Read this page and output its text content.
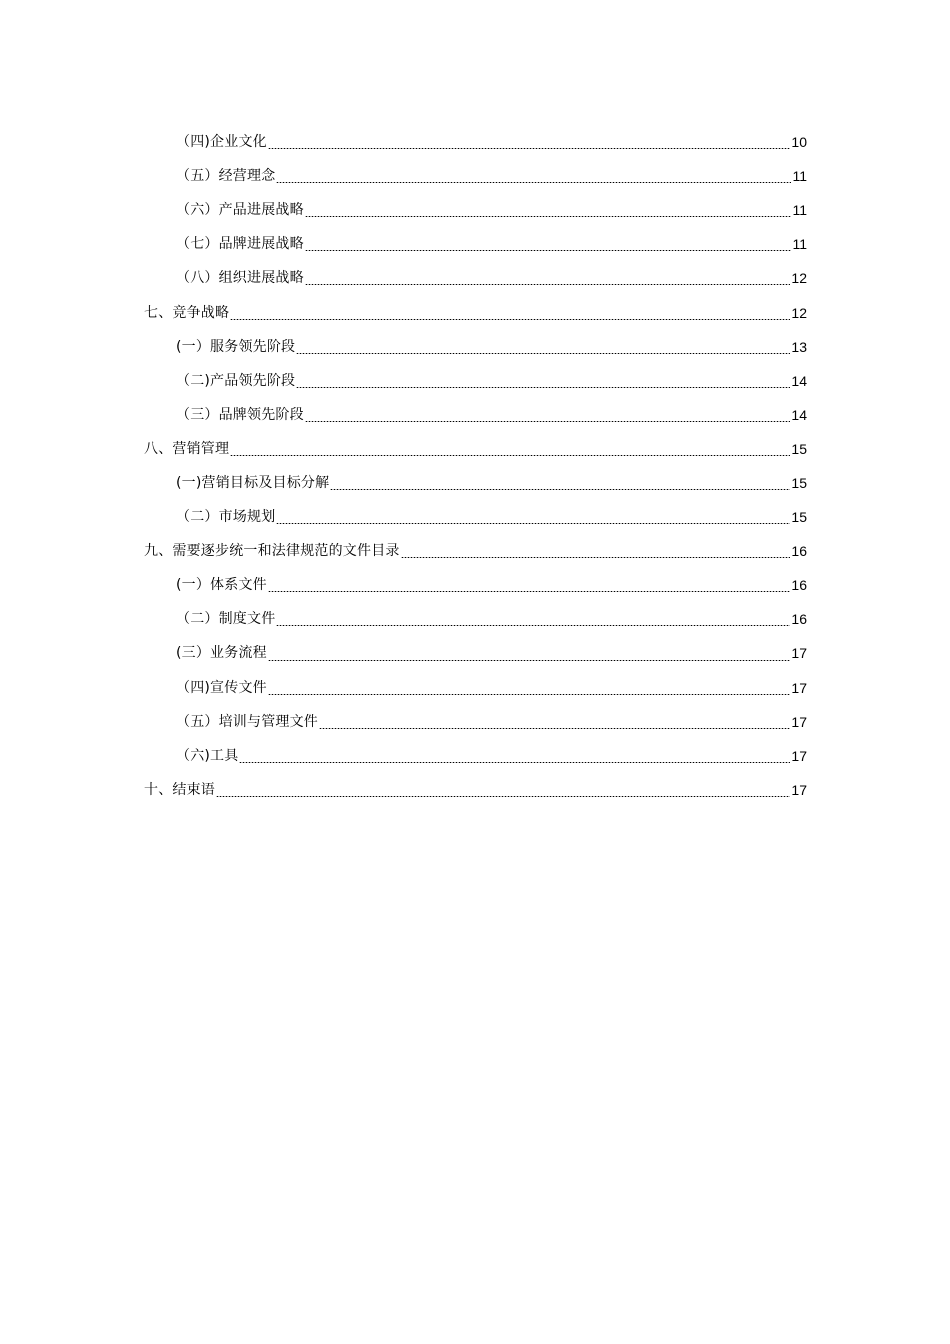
（四)企业文化	10
（五）经营理念	11
（六）产品进展战略	11
（七）品牌进展战略	11
（八）组织进展战略	12
七、竞争战略	12
(一）服务领先阶段	13
（二)产品领先阶段	14
（三）品牌领先阶段	14
八、营销管理	15
(一)营销目标及目标分解	15
（二）市场规划	15
九、需要逐步统一和法律规范的文件目录	16
(一）体系文件	16
（二）制度文件	16
(三）业务流程	17
（四)宣传文件	17
（五）培训与管理文件	17
（六)工具	17
十、结束语	17
